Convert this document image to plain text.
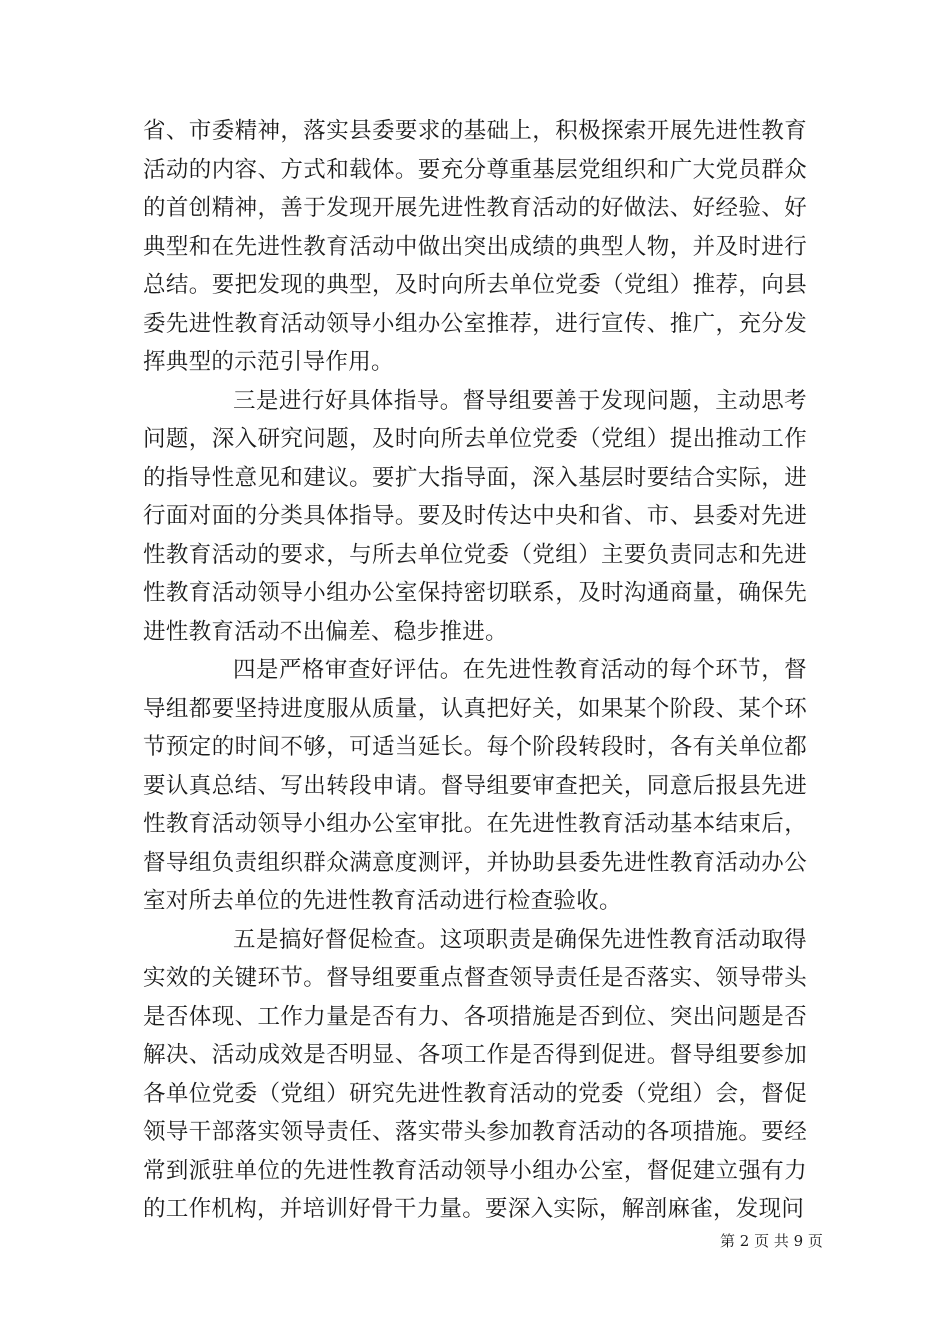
省、市委精神，落实县委要求的基础上，积极探索开展先进性教育活动的内容、方式和载体。要充分尊重基层党组织和广大党员群众的首创精神，善于发现开展先进性教育活动的好做法、好经验、好典型和在先进性教育活动中做出突出成绩的典型人物，并及时进行总结。要把发现的典型，及时向所去单位党委（党组）推荐，向县委先进性教育活动领导小组办公室推荐，进行宣传、推广，充分发挥典型的示范引导作用。

三是进行好具体指导。督导组要善于发现问题，主动思考问题，深入研究问题，及时向所去单位党委（党组）提出推动工作的指导性意见和建议。要扩大指导面，深入基层时要结合实际，进行面对面的分类具体指导。要及时传达中央和省、市、县委对先进性教育活动的要求，与所去单位党委（党组）主要负责同志和先进性教育活动领导小组办公室保持密切联系，及时沟通商量，确保先进性教育活动不出偏差、稳步推进。

四是严格审查好评估。在先进性教育活动的每个环节，督导组都要坚持进度服从质量，认真把好关，如果某个阶段、某个环节预定的时间不够，可适当延长。每个阶段转段时，各有关单位都要认真总结、写出转段申请。督导组要审查把关，同意后报县先进性教育活动领导小组办公室审批。在先进性教育活动基本结束后，督导组负责组织群众满意度测评，并协助县委先进性教育活动办公室对所去单位的先进性教育活动进行检查验收。

五是搞好督促检查。这项职责是确保先进性教育活动取得实效的关键环节。督导组要重点督查领导责任是否落实、领导带头是否体现、工作力量是否有力、各项措施是否到位、突出问题是否解决、活动成效是否明显、各项工作是否得到促进。督导组要参加各单位党委（党组）研究先进性教育活动的党委（党组）会，督促领导干部落实领导责任、落实带头参加教育活动的各项措施。要经常到派驻单位的先进性教育活动领导小组办公室，督促建立强有力的工作机构，并培训好骨干力量。要深入实际，解剖麻雀，发现问

第 2 页 共 9 页
